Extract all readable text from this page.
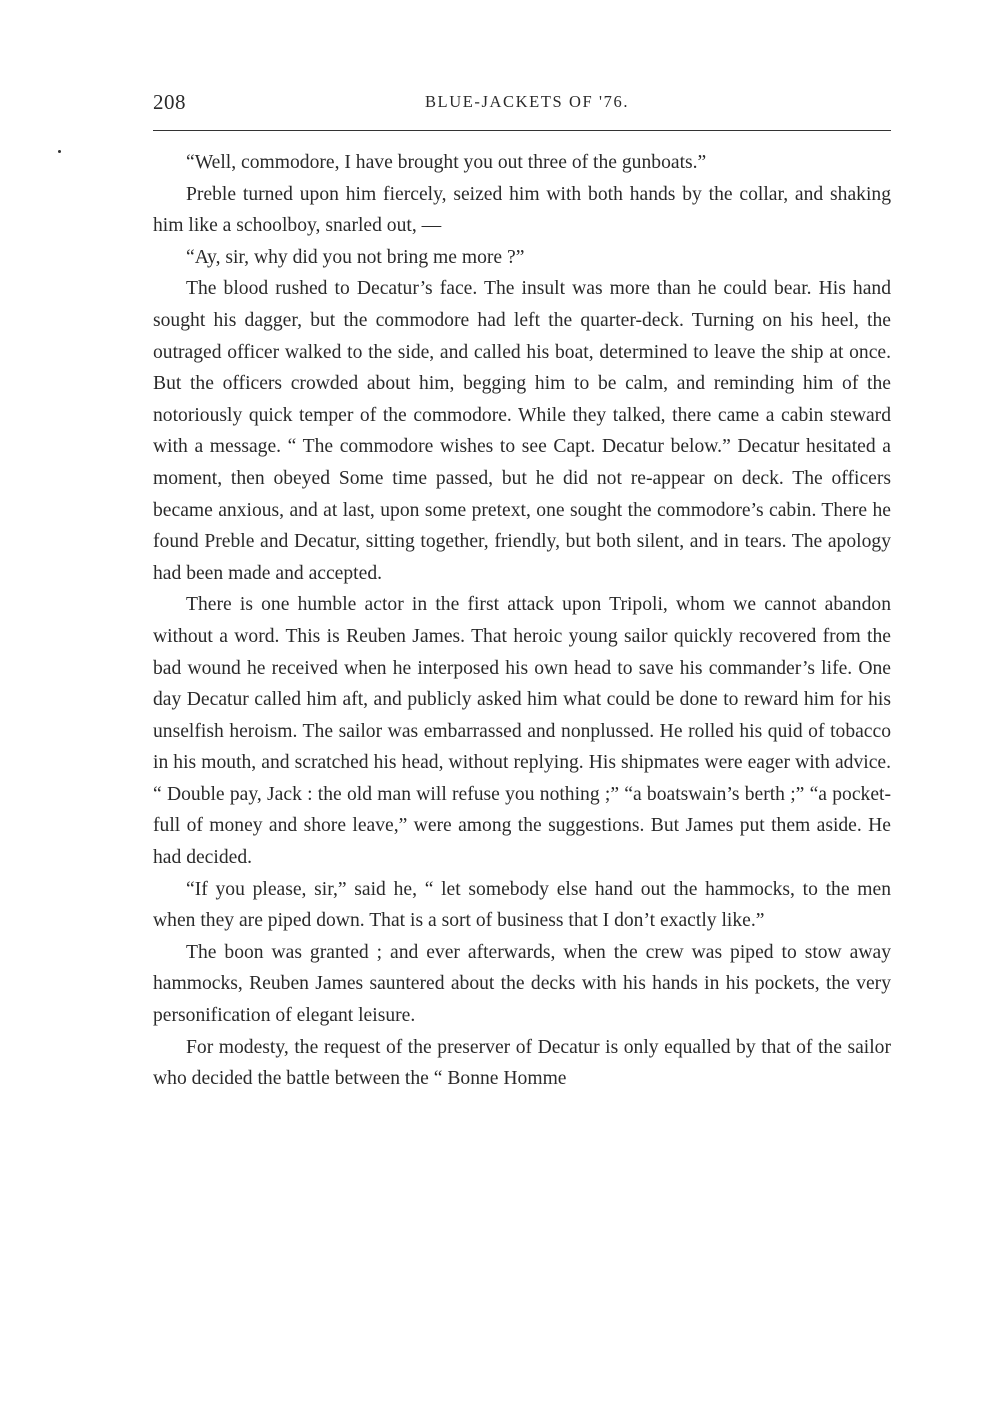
208	BLUE-JACKETS OF '76.

“Well, commodore, I have brought you out three of the gunboats.”

Preble turned upon him fiercely, seized him with both hands by the collar, and shaking him like a schoolboy, snarled out, —

“Ay, sir, why did you not bring me more ?”

The blood rushed to Decatur’s face. The insult was more than he could bear. His hand sought his dagger, but the commodore had left the quarter-deck. Turning on his heel, the outraged officer walked to the side, and called his boat, determined to leave the ship at once. But the officers crowded about him, begging him to be calm, and reminding him of the notoriously quick temper of the commodore. While they talked, there came a cabin steward with a message. “ The commodore wishes to see Capt. Decatur below.” Decatur hesitated a moment, then obeyed Some time passed, but he did not re-appear on deck. The officers became anxious, and at last, upon some pretext, one sought the commodore’s cabin. There he found Preble and Decatur, sitting together, friendly, but both silent, and in tears. The apology had been made and accepted.

There is one humble actor in the first attack upon Tripoli, whom we cannot abandon without a word. This is Reuben James. That heroic young sailor quickly recovered from the bad wound he received when he interposed his own head to save his commander’s life. One day Decatur called him aft, and publicly asked him what could be done to reward him for his unselfish heroism. The sailor was embarrassed and nonplussed. He rolled his quid of tobacco in his mouth, and scratched his head, without replying. His shipmates were eager with advice. “ Double pay, Jack : the old man will refuse you nothing ;” “a boatswain’s berth ;” “a pocket-full of money and shore leave,” were among the suggestions. But James put them aside. He had decided.

“If you please, sir,” said he, “ let somebody else hand out the hammocks, to the men when they are piped down. That is a sort of business that I don’t exactly like.”

The boon was granted ; and ever afterwards, when the crew was piped to stow away hammocks, Reuben James sauntered about the decks with his hands in his pockets, the very personification of elegant leisure.

For modesty, the request of the preserver of Decatur is only equalled by that of the sailor who decided the battle between the “ Bonne Homme
